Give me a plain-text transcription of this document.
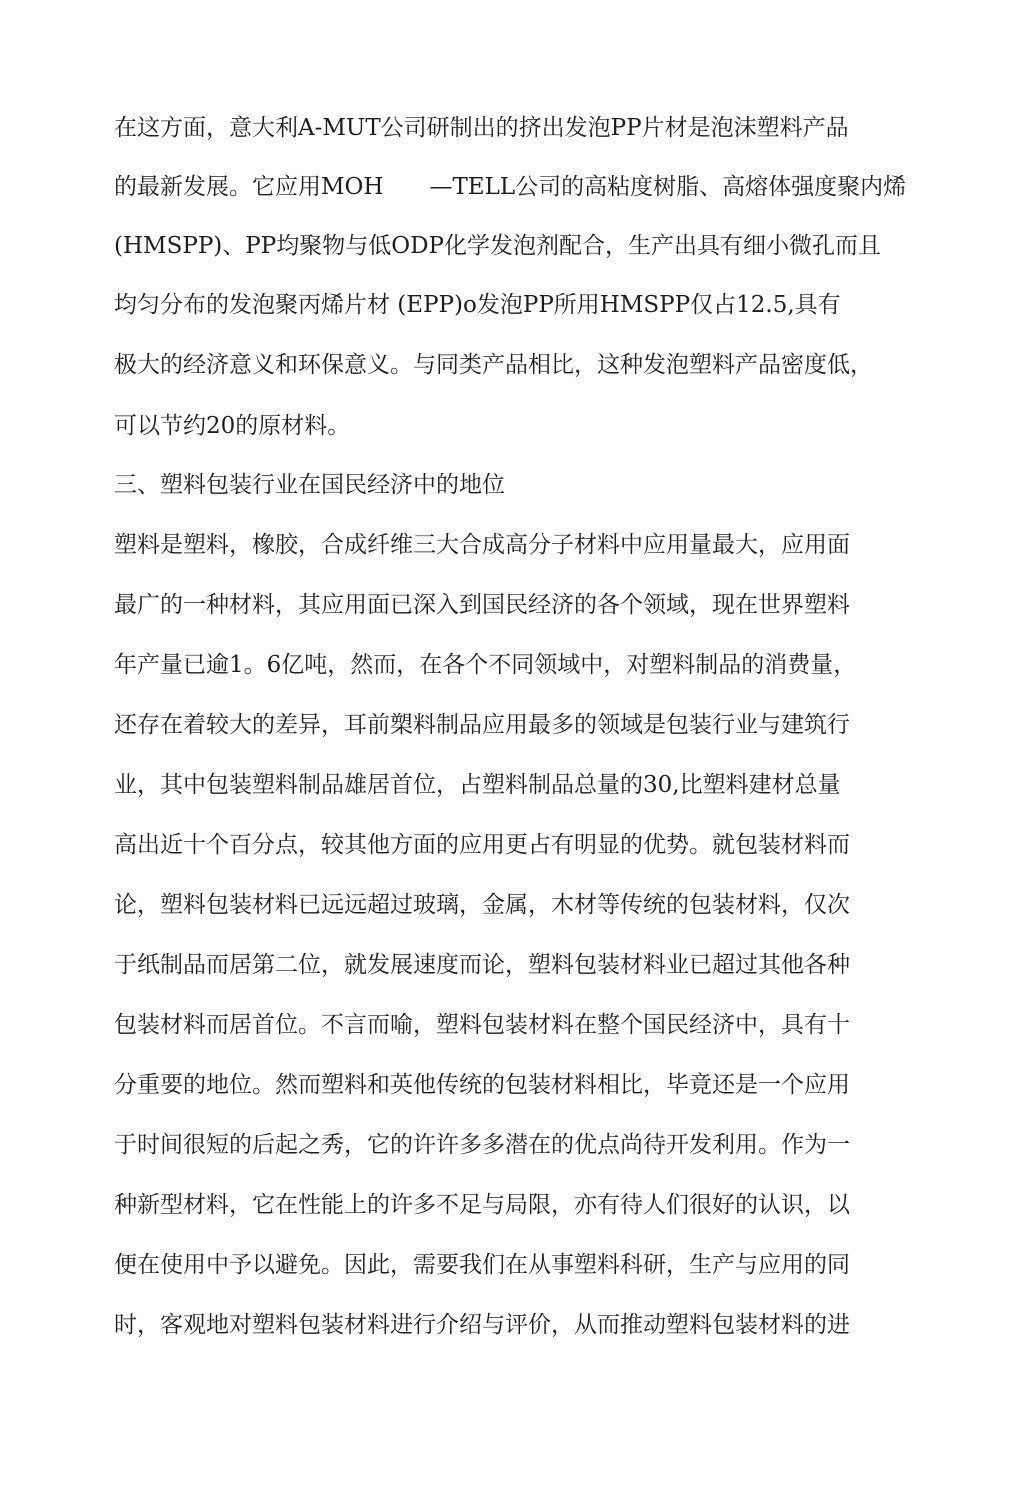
在这方面，意大利A-MUT公司研制出的挤出发泡PP片材是泡沫塑料产品
的最新发展。它应用MOH　　—TELL公司的高粘度树脂、高熔体强度聚内烯
(HMSPP)、PP均聚物与低ODP化学发泡剂配合，生产出具有细小微孔而且
均匀分布的发泡聚丙烯片材 (EPP)o发泡PP所用HMSPP仅占12.5,具有
极大的经济意义和环保意义。与同类产品相比，这种发泡塑料产品密度低，
可以节约20的原材料。
三、塑料包装行业在国民经济中的地位
塑料是塑料，橡胶，合成纤维三大合成高分子材料中应用量最大，应用面
最广的一种材料，其应用面已深入到国民经济的各个领域，现在世界塑料
年产量已逾1。6亿吨，然而，在各个不同领域中，对塑料制品的消费量，
还存在着较大的差异，耳前槊料制品应用最多的领域是包装行业与建筑行
业，其中包装塑料制品雄居首位，占塑料制品总量的30,比塑料建材总量
高出近十个百分点，较其他方面的应用更占有明显的优势。就包装材料而
论，塑料包装材料已远远超过玻璃，金属，木材等传统的包装材料，仅次
于纸制品而居第二位，就发展速度而论，塑料包装材料业已超过其他各种
包装材料而居首位。不言而喻，塑料包装材料在整个国民经济中，具有十
分重要的地位。然而塑料和英他传统的包装材料相比，毕竟还是一个应用
于时间很短的后起之秀，它的许许多多潜在的优点尚待开发利用。作为一
种新型材料，它在性能上的许多不足与局限，亦有待人们很好的认识，以
便在使用中予以避免。因此，需要我们在从事塑料科研，生产与应用的同
时，客观地对塑料包装材料进行介绍与评价，从而推动塑料包装材料的进
